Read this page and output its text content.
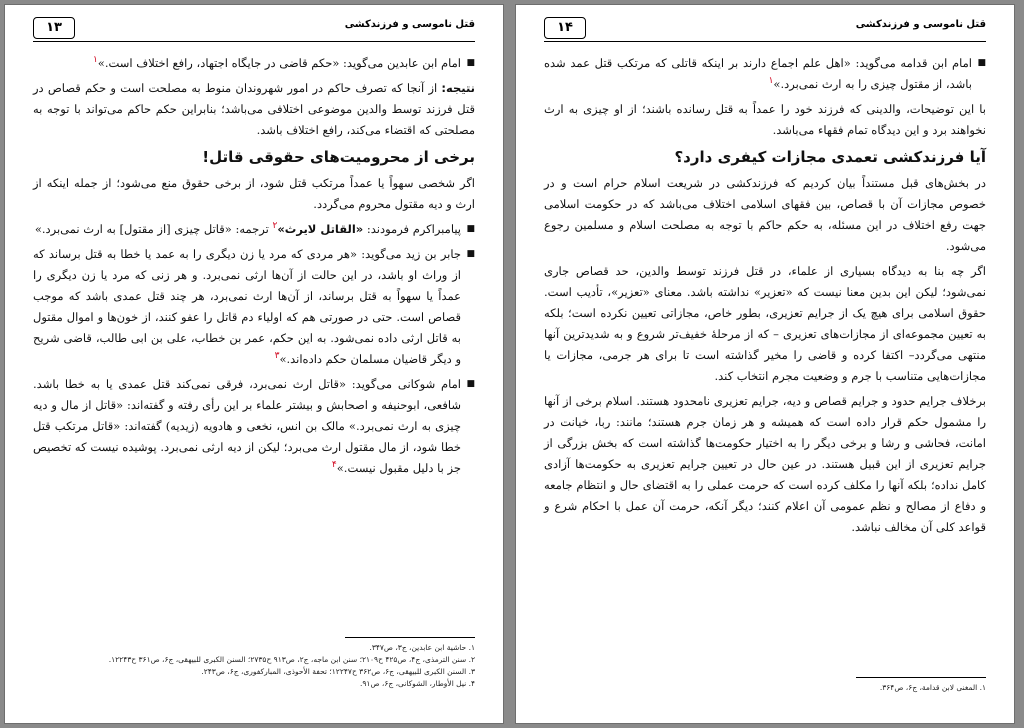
۱۳	قتل ناموسی و فرزندکشی

■ امام ابن عابدین می‌گوید: «حکم قاضی در جایگاه اجتهاد، رافع اختلاف است.»$^۱$

نتیجه: از آنجا که تصرف حاکم در امور شهروندان منوط به مصلحت است و حکم قصاص در قتل فرزند توسط والدین موضوعی اختلافی می‌باشد؛ بنابراین حکم حاکم می‌تواند با توجه به مصلحتی که اقتضاء می‌کند، رافع اختلاف باشد.

برخی از محرومیت‌های حقوقی قاتل!

اگر شخصی سهواً یا عمداً مرتکب قتل شود، از برخی حقوق منع می‌شود؛ از جمله اینکه از ارث و دیه مقتول محروم می‌گردد.

■ پیامبراکرم فرمودند: «القاتل لایرث»$^۲$ ترجمه: «قاتل چیزی [از مقتول] به ارث نمی‌برد.»

■ جابر بن زید می‌گوید: «هر مردی که مرد یا زن دیگری را به عمد یا خطا به قتل برساند که از وراث او باشد، در این حالت از آن‌ها ارثی نمی‌برد. و هر زنی که مرد یا زن دیگری را عمداً یا سهواً به قتل برساند، از آن‌ها ارث نمی‌برد، هر چند قتل عمدی باشد که موجب قصاص است. حتی در صورتی هم که اولیاء دم قاتل را عفو کنند، از خون‌ها و اموال مقتول به قاتل ارثی داده نمی‌شود. به این حکم، عمر بن خطاب، علی بن ابی طالب، قاضی شریح و دیگر قاضیان مسلمان حکم داده‌اند.»$^۳$

■ امام شوکانی می‌گوید: «قاتل ارث نمی‌برد، فرقی نمی‌کند قتل عمدی یا به خطا باشد. شافعی، ابوحنیفه و اصحابش و بیشتر علماء بر این رأی رفته و گفته‌اند: «قاتل از مال و دیه چیزی به ارث نمی‌برد.» مالک بن انس، نخعی و هادویه (زیدیه) گفته‌اند: «قاتل مرتکب قتل خطا شود، از مال مقتول ارث می‌برد؛ لیکن از دیه ارثی نمی‌برد. پوشیده نیست که تخصیص جز با دلیل مقبول نیست.»$^۴$

۱. حاشیة ابن عابدین، ج۳، ص۳۴۷.
۲. سنن الترمذی، ج۴، ص۴۲۵ ح۲۱۰۹؛ سنن ابن ماجه، ج۲، ص۹۱۳ ح۲۷۳۵؛ السنن الکبری للبیهقی، ج۶، ص۳۶۱ ح۱۲۲۴۳.
۳. السنن الکبری للبیهقی، ج۶، ص۳۶۲ ح۱۲۲۴۷؛ تحفة الأحوذی، المبارکفوری، ج۶، ص۲۴۳.
۴. نیل الأوطار، الشوکانی، ج۶، ص۹۱.
۱۴	قتل ناموسی و فرزندکشی

■ امام ابن قدامه می‌گوید: «اهل علم اجماع دارند بر اینکه قاتلی که مرتکب قتل عمد شده باشد، از مقتول چیزی را به ارث نمی‌برد.»$^۱$

با این توضیحات، والدینی که فرزند خود را عمداً به قتل رسانده باشند؛ از او چیزی به ارث نخواهند برد و این دیدگاه تمام فقهاء می‌باشد.

آیا فرزندکشی تعمدی مجازات کیفری دارد؟

در بخش‌های قبل مستنداً بیان کردیم که فرزندکشی در شریعت اسلام حرام است و در خصوص مجازات آن با قصاص، بین فقهای اسلامی اختلاف می‌باشد که در حکومت اسلامی جهت رفع اختلاف در این مسئله، به حکم حاکم با توجه به مصلحت اسلام و مسلمین رجوع می‌شود.

اگر چه بنا به دیدگاه بسیاری از علماء، در قتل فرزند توسط والدین، حد قصاص جاری نمی‌شود؛ لیکن این بدین معنا نیست که «تعزیر» نداشته باشد. معنای «تعزیر»، تأدیب است. حقوق اسلامی برای هیچ یک از جرایم تعزیری، بطور خاص، مجازاتی تعیین نکرده است؛ بلکه به تعیین مجموعه‌ای از مجازات‌های تعزیری – که از مرحلهٔ خفیف‌تر شروع و به شدیدترین آنها منتهی می‌گردد– اکتفا کرده و قاضی را مخیر گذاشته است تا برای هر جرمی، مجازات یا مجازات‌هایی متناسب با جرم و وضعیت مجرم انتخاب کند.

برخلاف جرایم حدود و جرایم قصاص و دیه، جرایم تعزیری نامحدود هستند. اسلام برخی از آنها را مشمول حکم قرار داده است که همیشه و هر زمان جرم هستند؛ مانند: ربا، خیانت در امانت، فحاشی و رشا و برخی دیگر را به اختیار حکومت‌ها گذاشته است که بخش بزرگی از جرایم تعزیری از این قبیل هستند. در عین حال در تعیین جرایم تعزیری به حکومت‌ها آزادی کامل نداده؛ بلکه آنها را مکلف کرده است که حرمت عملی را به اقتضای حال و انتظام جامعه و دفاع از مصالح و نظم عمومی آن اعلام کنند؛ دیگر آنکه، حرمت آن عمل با احکام شرع و قواعد کلی آن مخالف نباشد.

۱. المغنی لابن قدامة، ج۶، ص۳۶۴.
